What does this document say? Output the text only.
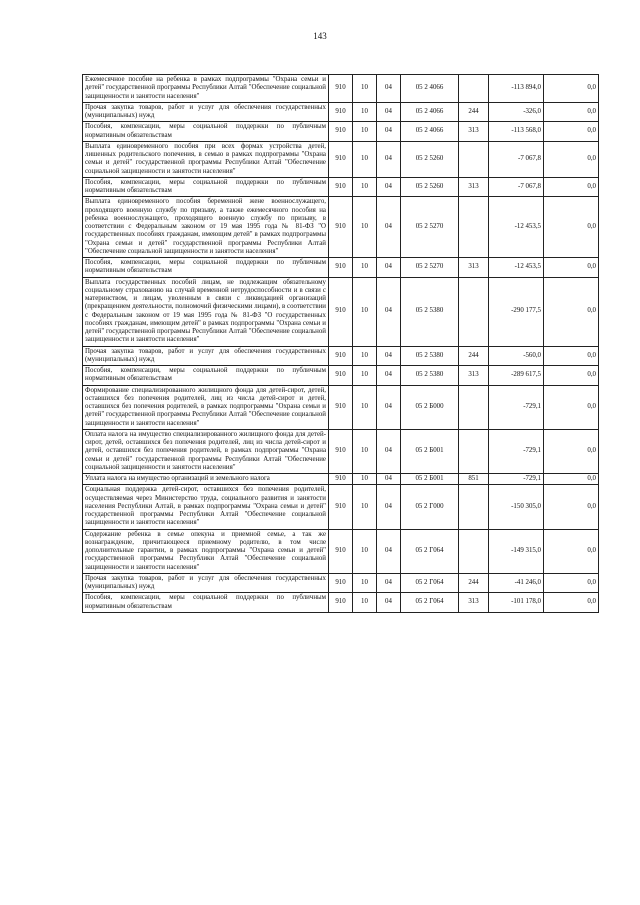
143
Ежемесячное пособие на ребенка в рамках подпрограммы "Охрана семьи и детей" государственной программы Республики Алтай "Обеспечение социальной защищенности и занятости населения"	910	10	04	05 2 4066		-113 894,0	0,0
Прочая закупка товаров, работ и услуг для обеспечения государственных (муниципальных) нужд	910	10	04	05 2 4066	244	-326,0	0,0
Пособия, компенсации, меры социальной поддержки по публичным нормативным обязательствам	910	10	04	05 2 4066	313	-113 568,0	0,0
Выплата единовременного пособия при всех формах устройства детей, лишенных родительского попечения, в семью в рамках подпрограммы "Охрана семьи и детей" государственной программы Республики Алтай "Обеспечение социальной защищенности и занятости населения"	910	10	04	05 2 5260		-7 067,8	0,0
Пособия, компенсации, меры социальной поддержки по публичным нормативным обязательствам	910	10	04	05 2 5260	313	-7 067,8	0,0
Выплата единовременного пособия беременной жене военнослужащего, проходящего военную службу по призыву, а также ежемесячного пособия на ребенка военнослужащего, проходящего военную службу по призыву, в соответствии с Федеральным законом от 19 мая 1995 года № 81-ФЗ "О государственных пособиях гражданам, имеющим детей" в рамках подпрограммы "Охрана семьи и детей" государственной программы Республики Алтай "Обеспечение социальной защищенности и занятости населения"	910	10	04	05 2 5270		-12 453,5	0,0
Пособия, компенсации, меры социальной поддержки по публичным нормативным обязательствам	910	10	04	05 2 5270	313	-12 453,5	0,0
Выплата государственных пособий лицам, не подлежащим обязательному социальному страхованию на случай временной нетрудоспособности и в связи с материнством, и лицам, уволенным в связи с ликвидацией организаций (прекращением деятельности, полномочий физическими лицами), в соответствии с Федеральным законом от 19 мая 1995 года № 81-ФЗ "О государственных пособиях гражданам, имеющим детей" в рамках подпрограммы "Охрана семьи и детей" государственной программы Республики Алтай "Обеспечение социальной защищенности и занятости населения"	910	10	04	05 2 5380		-290 177,5	0,0
Прочая закупка товаров, работ и услуг для обеспечения государственных (муниципальных) нужд	910	10	04	05 2 5380	244	-560,0	0,0
Пособия, компенсации, меры социальной поддержки по публичным нормативным обязательствам	910	10	04	05 2 5380	313	-289 617,5	0,0
Формирование специализированного жилищного фонда для детей-сирот, детей, оставшихся без попечения родителей, лиц из числа детей-сирот и детей, оставшихся без попечения родителей, в рамках подпрограммы "Охрана семьи и детей" государственной программы Республики Алтай "Обеспечение социальной защищенности и занятости населения"	910	10	04	05 2 Б000		-729,1	0,0
Оплата налога на имущество специализированного жилищного фонда для детей-сирот, детей, оставшихся без попечения родителей, лиц из числа детей-сирот и детей, оставшихся без попечения родителей, в рамках подпрограммы "Охрана семьи и детей" государственной программы Республики Алтай "Обеспечение социальной защищенности и занятости населения"	910	10	04	05 2 Б001		-729,1	0,0
Уплата налога на имущество организаций и земельного налога	910	10	04	05 2 Б001	851	-729,1	0,0
Социальная поддержка детей-сирот, оставшихся без попечения родителей, осуществляемая через Министерство труда, социального развития и занятости населения Республики Алтай, в рамках подпрограммы "Охрана семьи и детей" государственной программы Республики Алтай "Обеспечение социальной защищенности и занятости населения"	910	10	04	05 2 Г000		-150 305,0	0,0
Содержание ребенка в семье опекуна и приемной семье, а так же вознаграждение, причитающееся приемному родителю, в том числе дополнительные гарантии, в рамках подпрограммы "Охрана семьи и детей" государственной программы Республики Алтай "Обеспечение социальной защищенности и занятости населения"	910	10	04	05 2 Г064		-149 315,0	0,0
Прочая закупка товаров, работ и услуг для обеспечения государственных (муниципальных) нужд	910	10	04	05 2 Г064	244	-41 246,0	0,0
Пособия, компенсации, меры социальной поддержки по публичным нормативным обязательствам	910	10	04	05 2 Г064	313	-101 178,0	0,0
